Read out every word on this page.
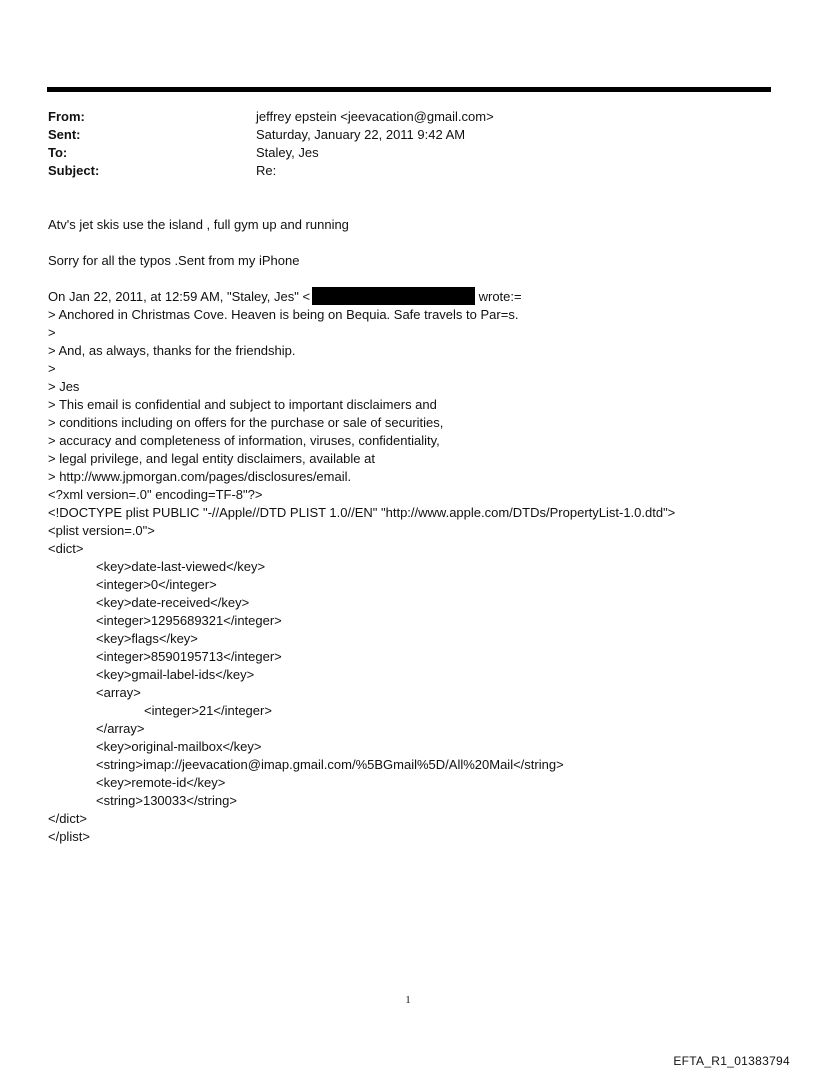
From:	jeffrey epstein <jeevacation@gmail.com>
Sent:	Saturday, January 22, 2011 9:42 AM
To:	Staley, Jes
Subject:	Re:
Atv's jet skis use the island , full gym up and running
Sorry for all the typos .Sent from my iPhone
On Jan 22, 2011, at 12:59 AM, "Staley, Jes" <	wrote:=
> Anchored in Christmas Cove. Heaven is being on Bequia. Safe travels to Par=s.
>
> And, as always, thanks for the friendship.
>
> Jes
> This email is confidential and subject to important disclaimers and
> conditions including on offers for the purchase or sale of securities,
> accuracy and completeness of information, viruses, confidentiality,
> legal privilege, and legal entity disclaimers, available at
> http://www.jpmorgan.com/pages/disclosures/email.
<?xml version=.0" encoding=TF-8"?>
<!DOCTYPE plist PUBLIC "-//Apple//DTD PLIST 1.0//EN" "http://www.apple.com/DTDs/PropertyList-1.0.dtd">
<plist version=.0">
<dict>
<key>date-last-viewed</key>
<integer>0</integer>
<key>date-received</key>
<integer>1295689321</integer>
<key>flags</key>
<integer>8590195713</integer>
<key>gmail-label-ids</key>
<array>
<integer>21</integer>
</array>
<key>original-mailbox</key>
<string>imap://jeevacation@imap.gmail.com/%5BGmail%5D/All%20Mail</string>
<key>remote-id</key>
<string>130033</string>
</dict>
</plist>
1
EFTA_R1_01383794
